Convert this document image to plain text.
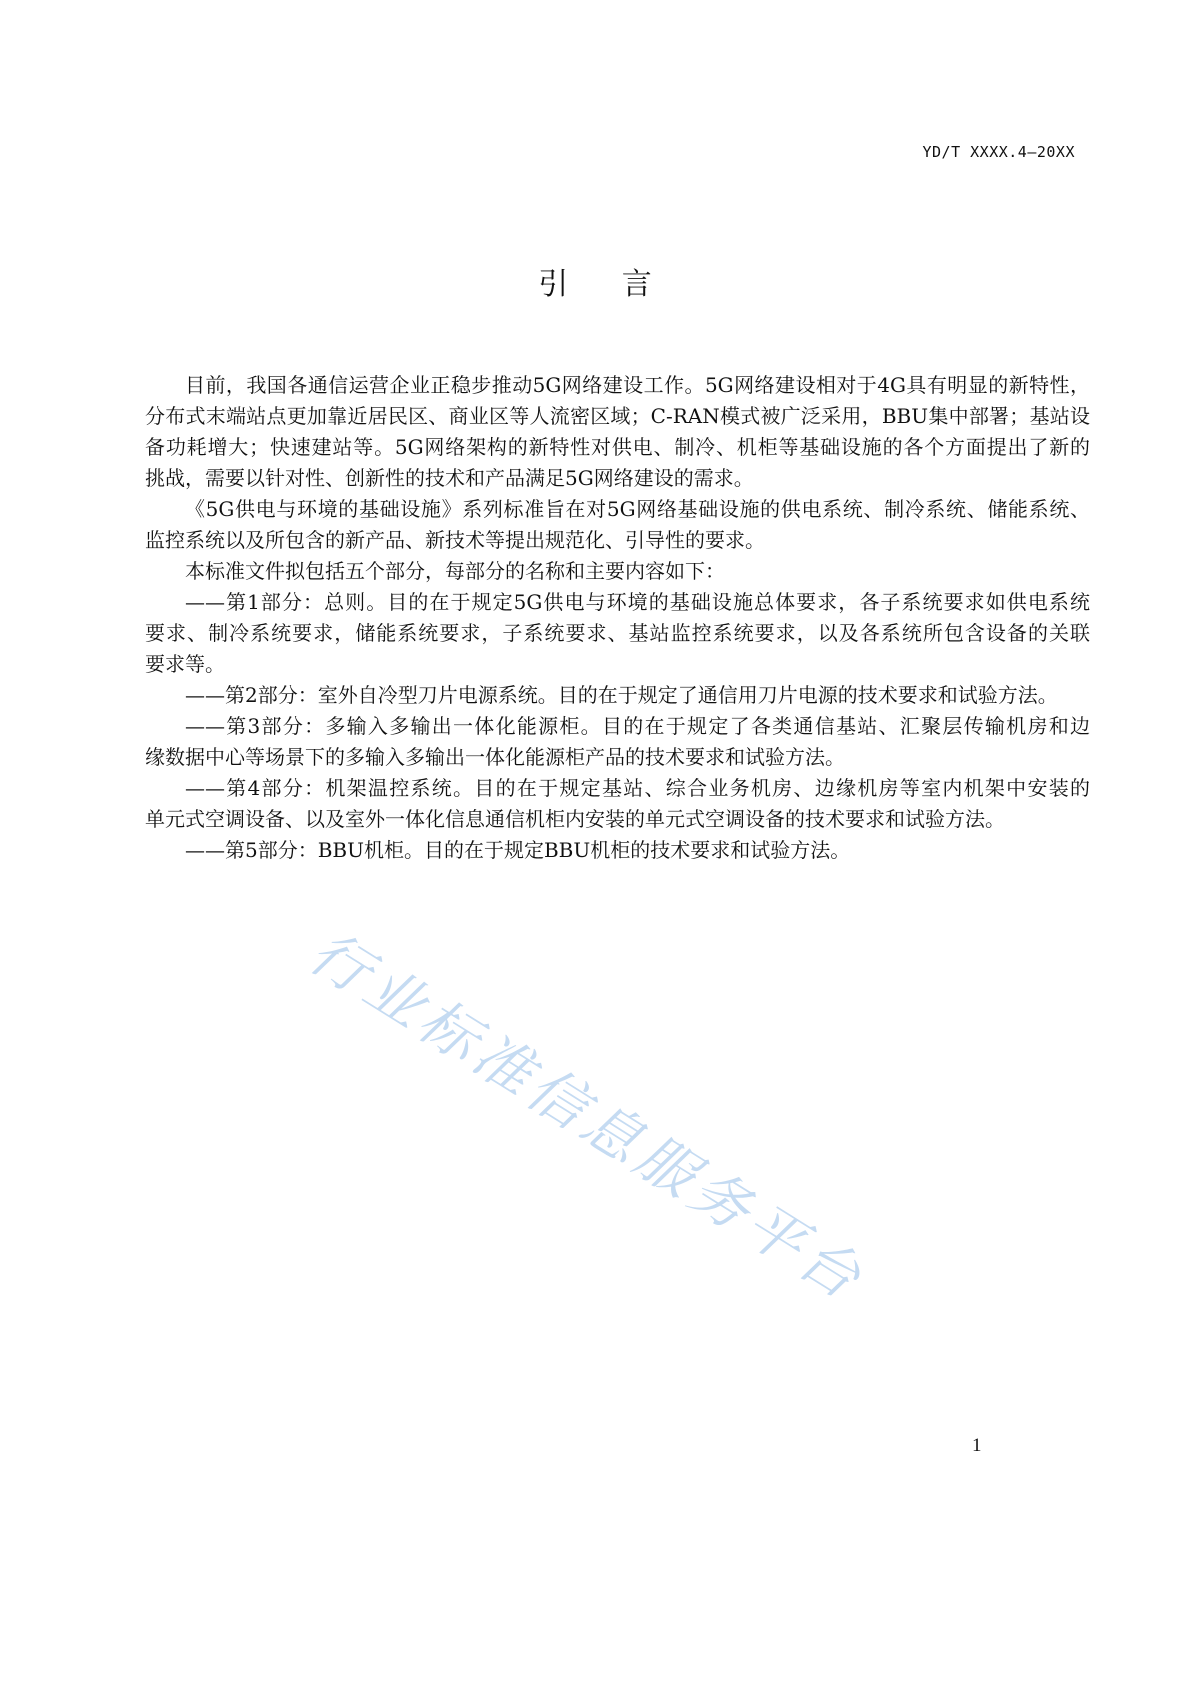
YD/T XXXX.4—20XX
引 言
目前，我国各通信运营企业正稳步推动5G网络建设工作。5G网络建设相对于4G具有明显的新特性，
分布式末端站点更加靠近居民区、商业区等人流密区域；C-RAN模式被广泛采用，BBU集中部署；基站设
备功耗增大；快速建站等。5G网络架构的新特性对供电、制冷、机柜等基础设施的各个方面提出了新的
挑战，需要以针对性、创新性的技术和产品满足5G网络建设的需求。
《5G供电与环境的基础设施》系列标准旨在对5G网络基础设施的供电系统、制冷系统、储能系统、
监控系统以及所包含的新产品、新技术等提出规范化、引导性的要求。
本标准文件拟包括五个部分，每部分的名称和主要内容如下：
——第1部分：总则。目的在于规定5G供电与环境的基础设施总体要求，各子系统要求如供电系统
要求、制冷系统要求，储能系统要求，子系统要求、基站监控系统要求，以及各系统所包含设备的关联
要求等。
——第2部分：室外自冷型刀片电源系统。目的在于规定了通信用刀片电源的技术要求和试验方法。
——第3部分：多输入多输出一体化能源柜。目的在于规定了各类通信基站、汇聚层传输机房和边
缘数据中心等场景下的多输入多输出一体化能源柜产品的技术要求和试验方法。
——第4部分：机架温控系统。目的在于规定基站、综合业务机房、边缘机房等室内机架中安装的
单元式空调设备、以及室外一体化信息通信机柜内安装的单元式空调设备的技术要求和试验方法。
——第5部分：BBU机柜。目的在于规定BBU机柜的技术要求和试验方法。
行业标准信息服务平台
1
